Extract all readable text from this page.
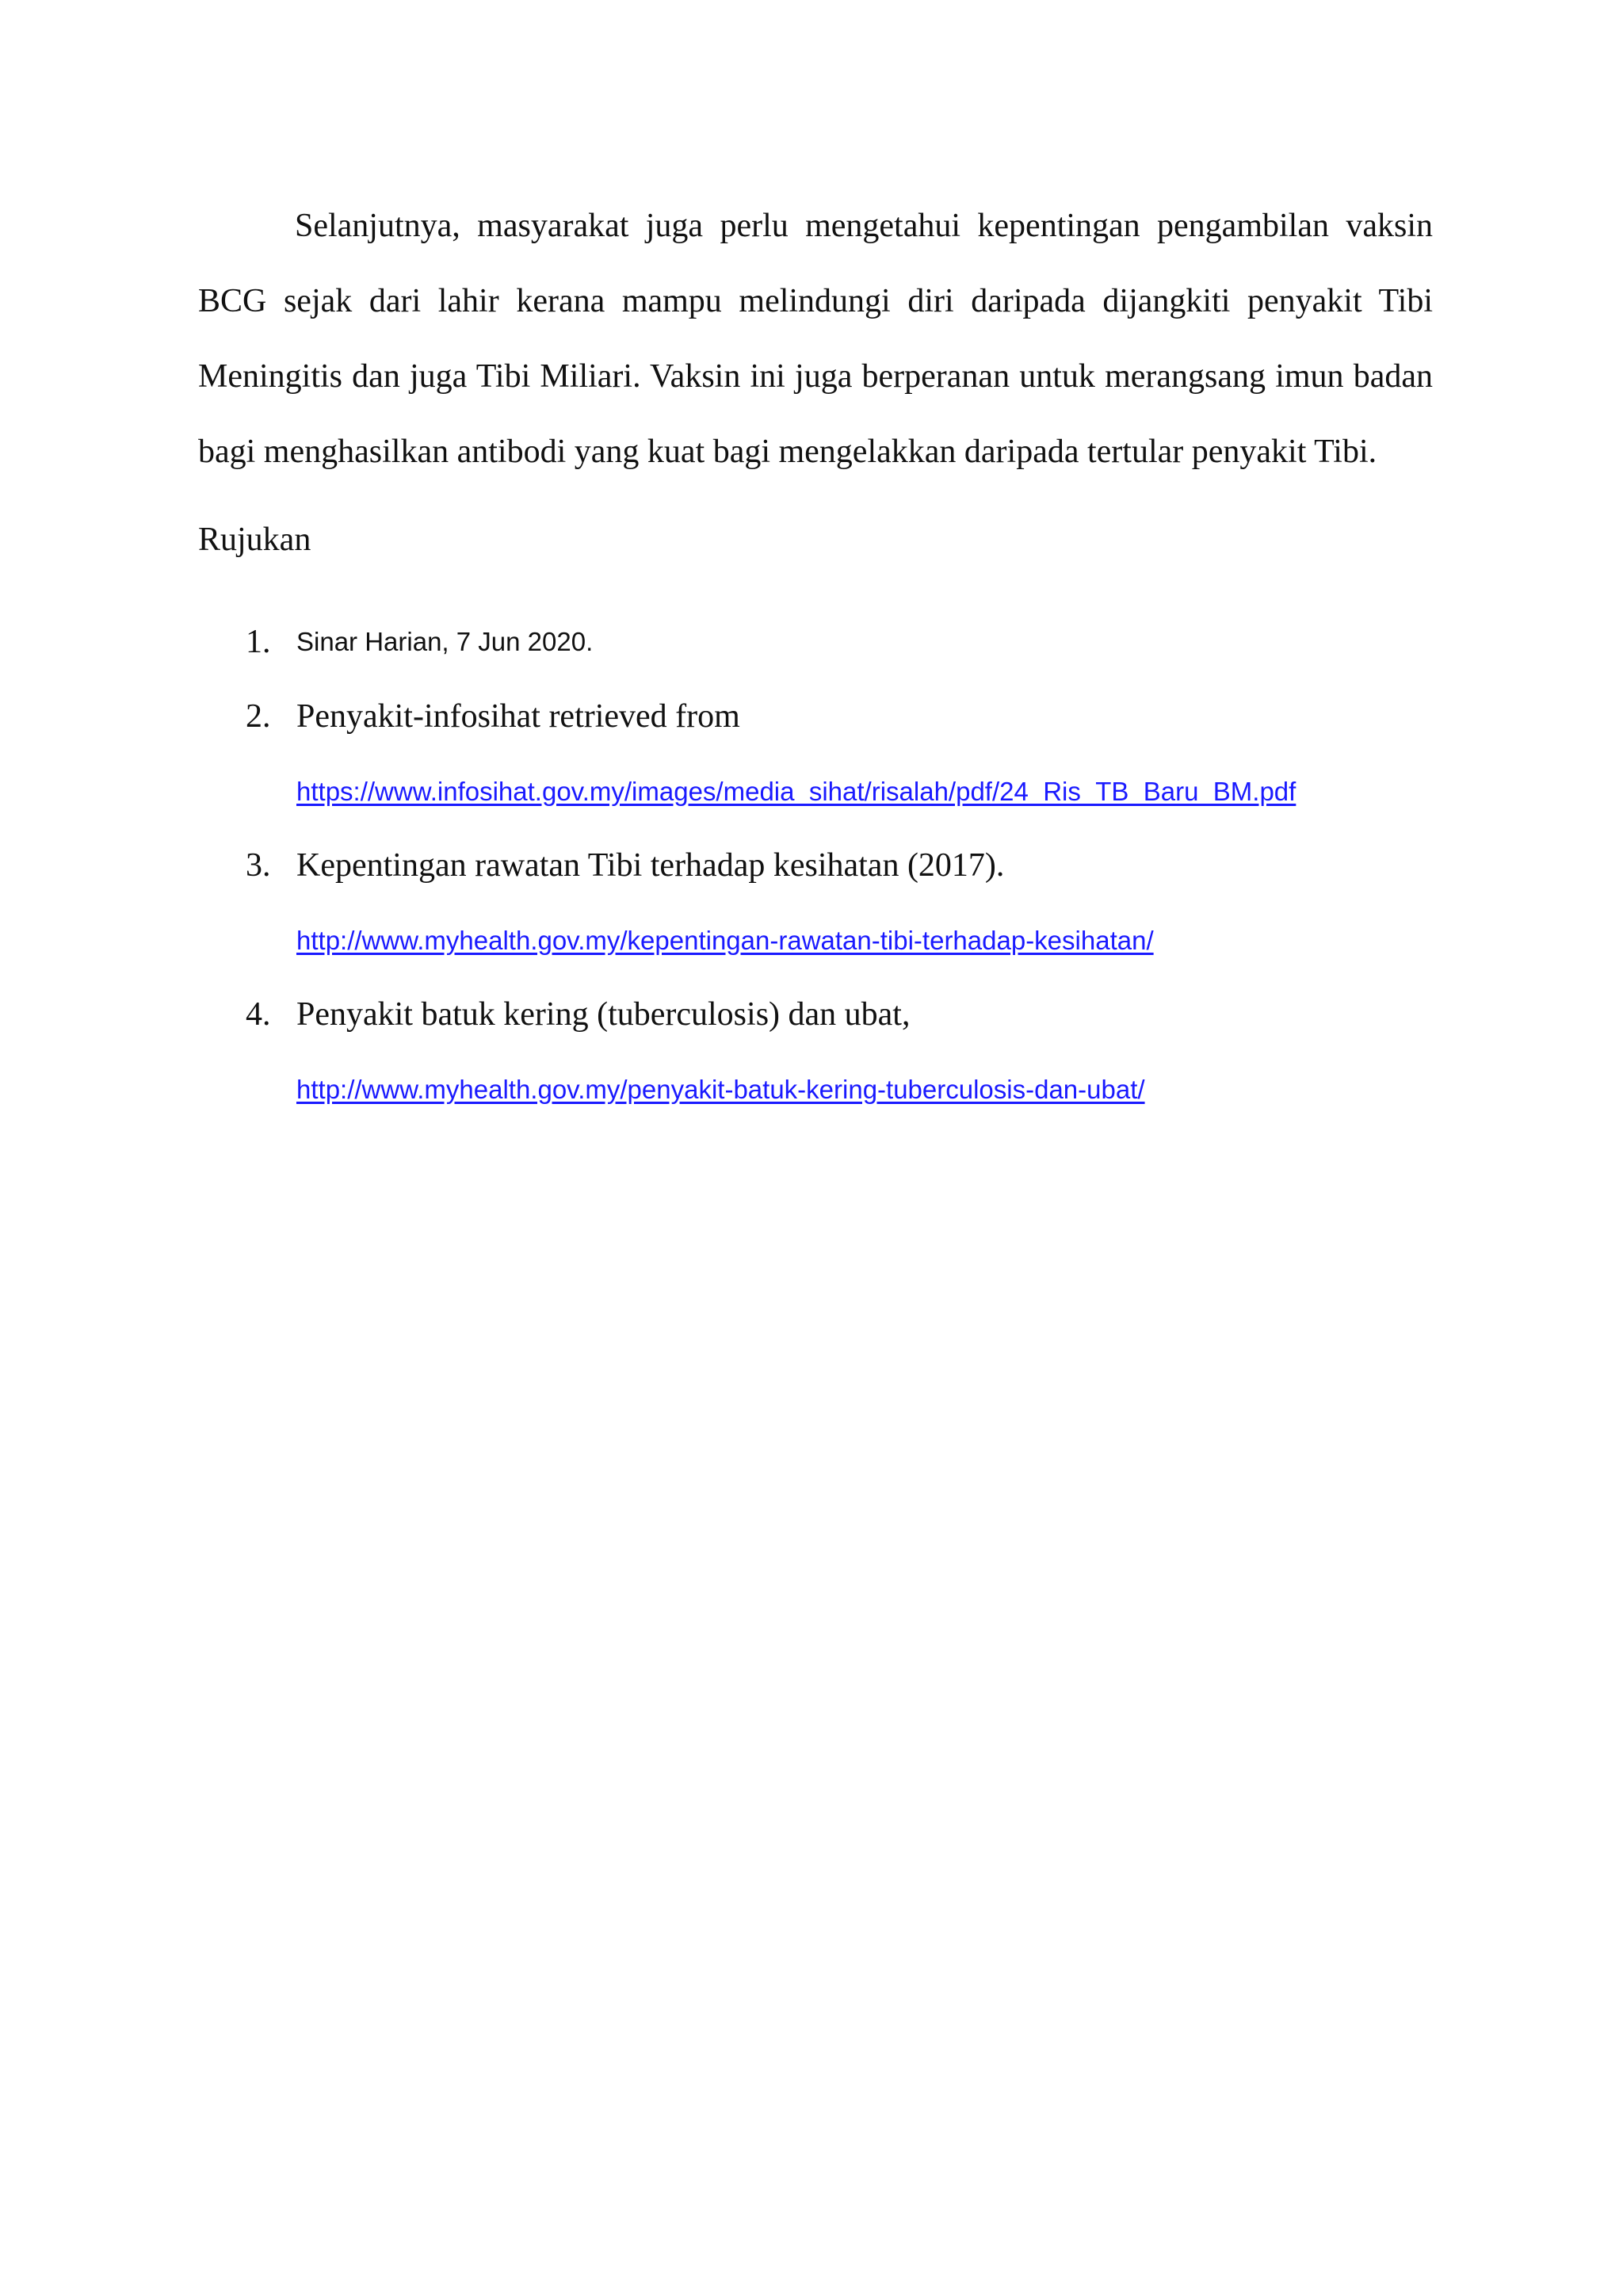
Selanjutnya, masyarakat juga perlu mengetahui kepentingan pengambilan vaksin BCG sejak dari lahir kerana mampu melindungi diri daripada dijangkiti penyakit Tibi Meningitis dan juga Tibi Miliari. Vaksin ini juga berperanan untuk merangsang imun badan bagi menghasilkan antibodi yang kuat bagi mengelakkan daripada tertular penyakit Tibi.

Rujukan
1. Sinar Harian, 7 Jun 2020.
2. Penyakit-infosihat retrieved from
https://www.infosihat.gov.my/images/media_sihat/risalah/pdf/24_Ris_TB_Baru_BM.pdf
3. Kepentingan rawatan Tibi terhadap kesihatan (2017).
http://www.myhealth.gov.my/kepentingan-rawatan-tibi-terhadap-kesihatan/
4. Penyakit batuk kering (tuberculosis) dan ubat,
http://www.myhealth.gov.my/penyakit-batuk-kering-tuberculosis-dan-ubat/
